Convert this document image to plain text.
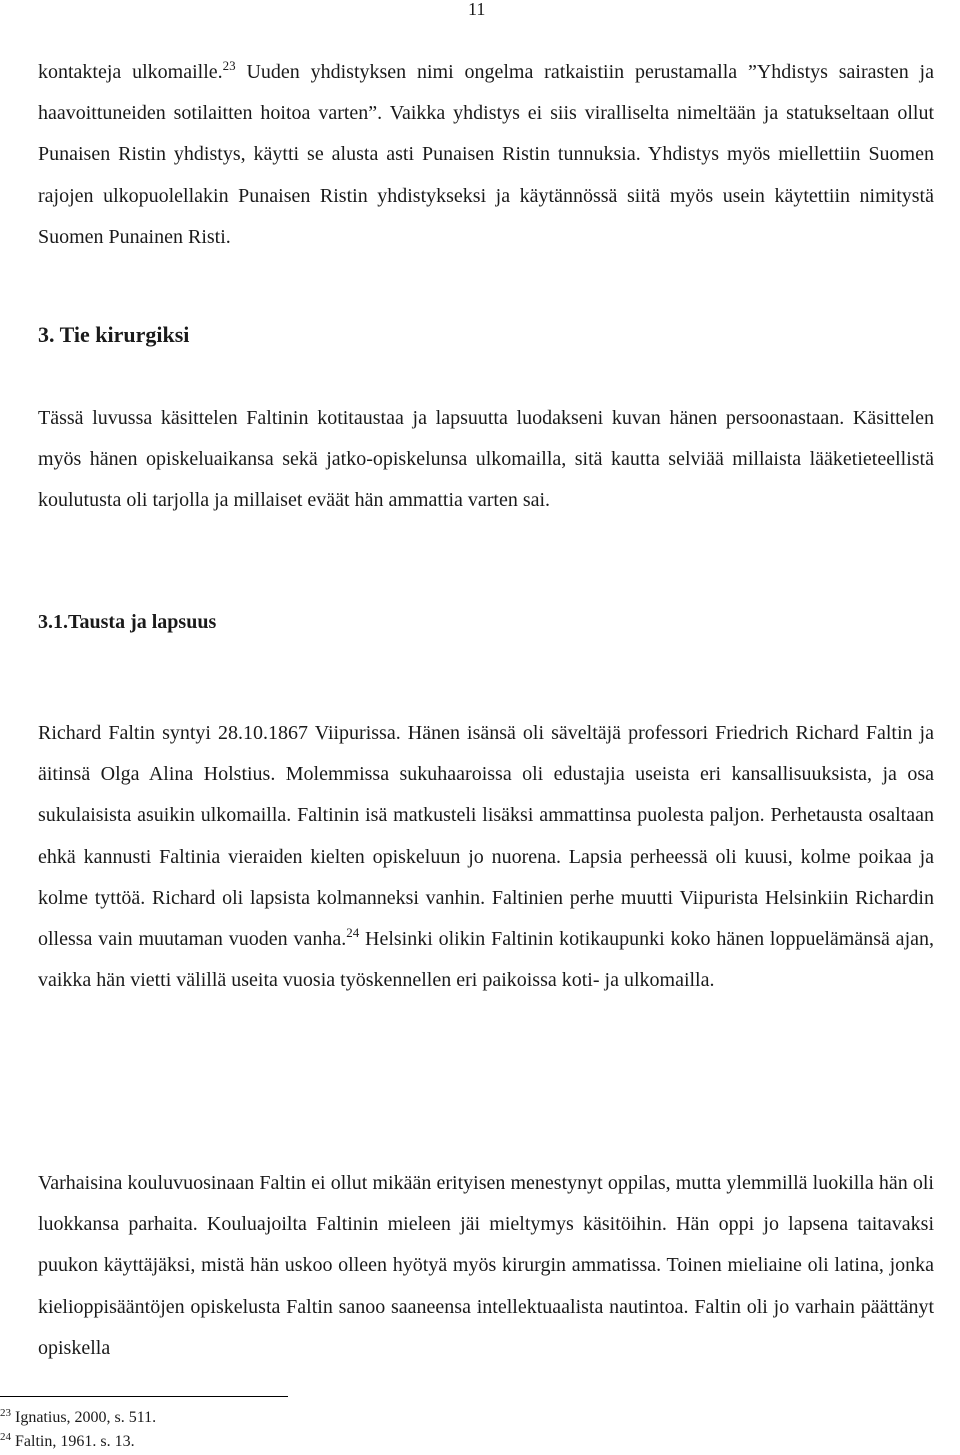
11

kontakteja ulkomaille.$^{23}$ Uuden yhdistyksen nimi ongelma ratkaistiin perustamalla ”Yhdistys sairasten ja haavoittuneiden sotilaitten hoitoa varten”. Vaikka yhdistys ei siis viralliselta nimeltään ja statukseltaan ollut Punaisen Ristin yhdistys, käytti se alusta asti Punaisen Ristin tunnuksia. Yhdistys myös miellettiin Suomen rajojen ulkopuolellakin Punaisen Ristin yhdistykseksi ja käytännössä siitä myös usein käytettiin nimitystä Suomen Punainen Risti.

3. Tie kirurgiksi

Tässä luvussa käsittelen Faltinin kotitaustaa ja lapsuutta luodakseni kuvan hänen persoonastaan. Käsittelen myös hänen opiskeluaikansa sekä jatko-opiskelunsa ulkomailla, sitä kautta selviää millaista lääketieteellistä koulutusta oli tarjolla ja millaiset eväät hän ammattia varten sai.

3.1.Tausta ja lapsuus

Richard Faltin syntyi 28.10.1867 Viipurissa. Hänen isänsä oli säveltäjä professori Friedrich Richard Faltin ja äitinsä Olga Alina Holstius. Molemmissa sukuhaaroissa oli edustajia useista eri kansallisuuksista, ja osa sukulaisista asuikin ulkomailla. Faltinin isä matkusteli lisäksi ammattinsa puolesta paljon. Perhetausta osaltaan ehkä kannusti Faltinia vieraiden kielten opiskeluun jo nuorena. Lapsia perheessä oli kuusi, kolme poikaa ja kolme tyttöä. Richard oli lapsista kolmanneksi vanhin. Faltinien perhe muutti Viipurista Helsinkiin Richardin ollessa vain muutaman vuoden vanha.$^{24}$ Helsinki olikin Faltinin kotikaupunki koko hänen loppuelämänsä ajan, vaikka hän vietti välillä useita vuosia työskennellen eri paikoissa koti- ja ulkomailla.

Varhaisina kouluvuosinaan Faltin ei ollut mikään erityisen menestynyt oppilas, mutta ylemmillä luokilla hän oli luokkansa parhaita. Kouluajoilta Faltinin mieleen jäi mieltymys käsitöihin. Hän oppi jo lapsena taitavaksi puukon käyttäjäksi, mistä hän uskoo olleen hyötyä myös kirurgin ammatissa. Toinen mieliaine oli latina, jonka kielioppisääntöjen opiskelusta Faltin sanoo saaneensa intellektuaalista nautintoa. Faltin oli jo varhain päättänyt opiskella

$^{23}$ Ignatius, 2000, s. 511.

$^{24}$ Faltin, 1961. s. 13.
